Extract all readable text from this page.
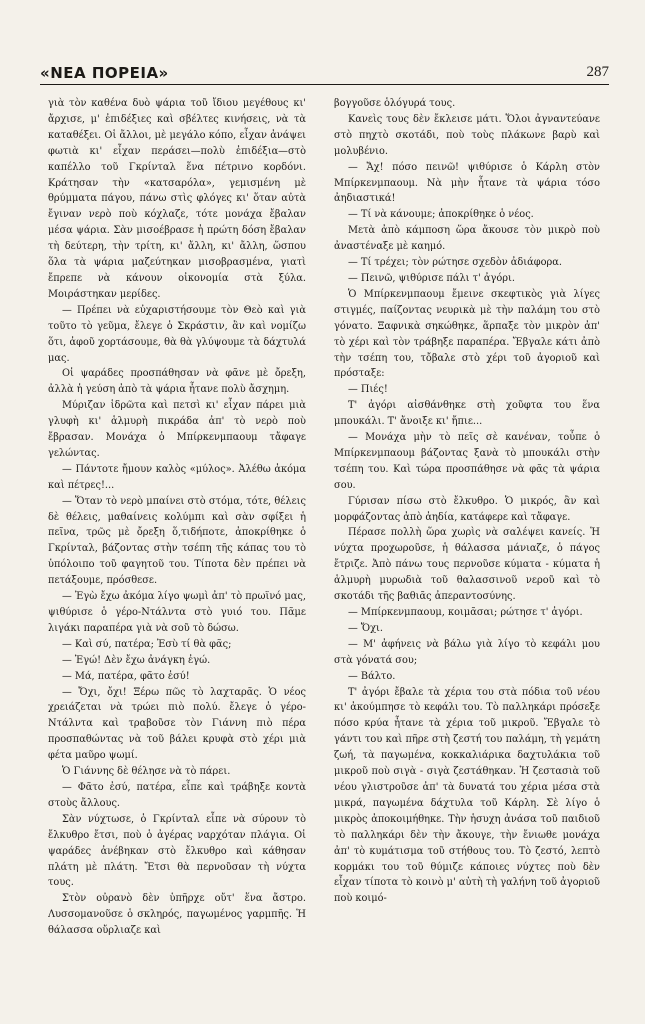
«ΝΕΑ ΠΟΡΕΙΑ»	287

γιὰ τὸν καθένα δυὸ ψάρια τοῦ ἴδιου μεγέθους κι' ἄρχισε, μ' ἐπιδέξιες καὶ σβέλτες κινήσεις, νὰ τὰ καταθέξει. Οἱ ἄλλοι, μὲ μεγάλο κόπο, εἶχαν ἀνάψει φωτιὰ κι' εἶχαν περάσει—πολὺ ἐπιδέξια—στὸ καπέλλο τοῦ Γκρίνταλ ἕνα πέτρινο κορδόνι. Κράτησαν τὴν «κατσαρόλα», γεμισμένη μὲ θρύμματα πάγου, πάνω στὶς φλόγες κι' ὅταν αὐτὰ ἔγιναν νερὸ ποὺ κόχλαζε, τότε μονάχα ἔβαλαν μέσα ψάρια. Σὰν μισοέβρασε ἡ πρώτη δόση ἔβαλαν τὴ δεύτερη, τὴν τρίτη, κι' ἄλλη, κι' ἄλλη, ὥσπου ὅλα τὰ ψάρια μαζεύτηκαν μισοβρασμένα, γιατὶ ἔπρεπε νὰ κάνουν οἰκονομία στὰ ξύλα. Μοιράστηκαν μερίδες.

— Πρέπει νὰ εὐχαριστήσουμε τὸν Θεὸ καὶ γιὰ τοῦτο τὸ γεῦμα, ἔλεγε ὁ Σκράστιν, ἂν καὶ νομίζω ὅτι, ἀφοῦ χορτάσουμε, θὰ θὰ γλύψουμε τὰ δάχτυλά μας.

Οἱ ψαράδες προσπάθησαν νὰ φᾶνε μὲ ὄρεξη, ἀλλὰ ἡ γεύση ἀπὸ τὰ ψάρια ἦτανε πολὺ ἄσχημη.

Μύριζαν ἱδρῶτα καὶ πετσὶ κι' εἶχαν πάρει μιὰ γλυφὴ κι' ἁλμυρὴ πικράδα ἀπ' τὸ νερὸ ποὺ ἔβρασαν. Μονάχα ὁ Μπίρκενμπαουμ τἄφαγε γελώντας.

— Πάντοτε ἤμουν καλὸς «μύλος». Ἀλέθω ἀκόμα καὶ πέτρες!...

— Ὅταν τὸ νερὸ μπαίνει στὸ στόμα, τότε, θέλεις δὲ θέλεις, μαθαίνεις κολύμπι καὶ σὰν σφίξει ἡ πεῖνα, τρῶς μὲ ὄρεξη ὅ,τιδήποτε, ἀποκρίθηκε ὁ Γκρίνταλ, βάζοντας στὴν τσέπη τῆς κάπας του τὸ ὑπόλοιπο τοῦ φαγητοῦ του. Τίποτα δὲν πρέπει νὰ πετάξουμε, πρόσθεσε.

— Ἐγὼ ἔχω ἀκόμα λίγο ψωμὶ ἀπ' τὸ πρωϊνό μας, ψιθύρισε ὁ γέρο-Ντάλντα στὸ γυιό του. Πᾶμε λιγάκι παραπέρα γιὰ νὰ σοῦ τὸ δώσω.

— Καὶ σύ, πατέρα; Ἐσὺ τί θὰ φᾶς;

— Ἐγώ! Δὲν ἔχω ἀνάγκη ἐγώ.

— Μά, πατέρα, φᾶτο ἐσύ!

— Ὄχι, ὄχι! Ξέρω πῶς τὸ λαχταρᾶς. Ὁ νέος χρειάζεται νὰ τρώει πιὸ πολύ. ἔλεγε ὁ γέρο-Ντάλντα καὶ τραβοῦσε τὸν Γιάννη πιὸ πέρα προσπαθώντας νὰ τοῦ βάλει κρυφὰ στὸ χέρι μιὰ φέτα μαῦρο ψωμί.

Ὁ Γιάννης δὲ θέλησε νὰ τὸ πάρει.

— Φᾶτο ἐσύ, πατέρα, εἶπε καὶ τράβηξε κοντὰ στοὺς ἄλλους.

Σὰν νύχτωσε, ὁ Γκρίνταλ εἶπε νὰ σύρουν τὸ ἔλκυθρο ἔτσι, ποὺ ὁ ἀγέρας ναρχόταν πλάγια. Οἱ ψαράδες ἀνέβηκαν στὸ ἔλκυθρο καὶ κάθησαν πλάτη μὲ πλάτη. Ἔτσι θὰ περνοῦσαν τὴ νύχτα τους.

Στὸν οὐρανὸ δὲν ὑπῆρχε οὔτ' ἕνα ἄστρο. Λυσσομανοῦσε ὁ σκληρός, παγωμένος γαρμπῆς. Ἡ θάλασσα οὔρλιαζε καὶ

βογγοῦσε ὁλόγυρά τους.

Κανεὶς τους δὲν ἔκλεισε μάτι. Ὅλοι ἀγναντεύανε στὸ πηχτὸ σκοτάδι, ποὺ τοὺς πλάκωνε βαρὺ καὶ μολυβένιο.

— Ἄχ! πόσο πεινῶ! ψιθύρισε ὁ Κάρλη στὸν Μπίρκενμπαουμ. Νὰ μὴν ἦτανε τὰ ψάρια τόσο ἀηδιαστικά!

— Τί νὰ κάνουμε; ἀποκρίθηκε ὁ νέος.

Μετὰ ἀπὸ κάμποση ὥρα ἄκουσε τὸν μικρὸ ποὺ ἀναστέναξε μὲ καημό.

— Τί τρέχει; τὸν ρώτησε σχεδὸν ἀδιάφορα.

— Πεινῶ, ψιθύρισε πάλι τ' ἀγόρι.

Ὁ Μπίρκενμπαουμ ἔμεινε σκεφτικὸς γιὰ λίγες στιγμές, παίζοντας νευρικὰ μὲ τὴν παλάμη του στὸ γόνατο. Ξαφνικὰ σηκώθηκε, ἅρπαξε τὸν μικρὸν ἀπ' τὸ χέρι καὶ τὸν τράβηξε παραπέρα. Ἔβγαλε κάτι ἀπὸ τὴν τσέπη του, τὄβαλε στὸ χέρι τοῦ ἀγοριοῦ καὶ πρόσταξε:

— Πιές!

Τ' ἀγόρι αἰσθάνθηκε στὴ χοῦφτα του ἕνα μπουκάλι. Τ' ἄνοιξε κι' ἤπιε...

— Μονάχα μὴν τὸ πεῖς σὲ κανέναν, τοὖπε ὁ Μπίρκενμπαουμ βάζοντας ξανὰ τὸ μπουκάλι στὴν τσέπη του. Καὶ τώρα προσπάθησε νὰ φᾶς τὰ ψάρια σου.

Γύρισαν πίσω στὸ ἔλκυθρο. Ὁ μικρός, ἂν καὶ μορφάζοντας ἀπὸ ἀηδία, κατάφερε καὶ τἄφαγε.

Πέρασε πολλὴ ὥρα χωρὶς νὰ σαλέψει κανείς. Ἡ νύχτα προχωροῦσε, ἡ θάλασσα μάνιαζε, ὁ πάγος ἔτριζε. Ἀπὸ πάνω τους περνοῦσε κύματα - κύματα ἡ ἁλμυρὴ μυρωδιὰ τοῦ θαλασσινοῦ νεροῦ καὶ τὸ σκοτάδι τῆς βαθιᾶς ἀπεραντοσύνης.

— Μπίρκενμπαουμ, κοιμᾶσαι; ρώτησε τ' ἀγόρι.

— Ὄχι.

— Μ' ἀφήνεις νὰ βάλω γιὰ λίγο τὸ κεφάλι μου στὰ γόνατά σου;

— Βάλτο.

Τ' ἀγόρι ἔβαλε τὰ χέρια του στὰ πόδια τοῦ νέου κι' ἀκούμπησε τὸ κεφάλι του. Τὸ παλληκάρι πρόσεξε πόσο κρύα ἦτανε τὰ χέρια τοῦ μικροῦ. Ἔβγαλε τὸ γάντι του καὶ πῆρε στὴ ζεστή του παλάμη, τὴ γεμάτη ζωή, τὰ παγωμένα, κοκκαλιάρικα δαχτυλάκια τοῦ μικροῦ ποὺ σιγὰ - σιγὰ ζεστάθηκαν. Ἡ ζεστασιὰ τοῦ νέου γλιστροῦσε ἀπ' τὰ δυνατά του χέρια μέσα στὰ μικρά, παγωμένα δάχτυλα τοῦ Κάρλη. Σὲ λίγο ὁ μικρὸς ἀποκοιμήθηκε. Τὴν ἡσυχη ἀνάσα τοῦ παιδιοῦ τὸ παλληκάρι δὲν τὴν ἄκουγε, τὴν ἔνιωθε μονάχα ἀπ' τὸ κυμάτισμα τοῦ στήθους του. Τὸ ζεστό, λεπτὸ κορμάκι του τοῦ θύμιζε κάποιες νύχτες ποὺ δὲν εἶχαν τίποτα τὸ κοινὸ μ' αὐτὴ τὴ γαλήνη τοῦ ἀγοριοῦ ποὺ κοιμό-
